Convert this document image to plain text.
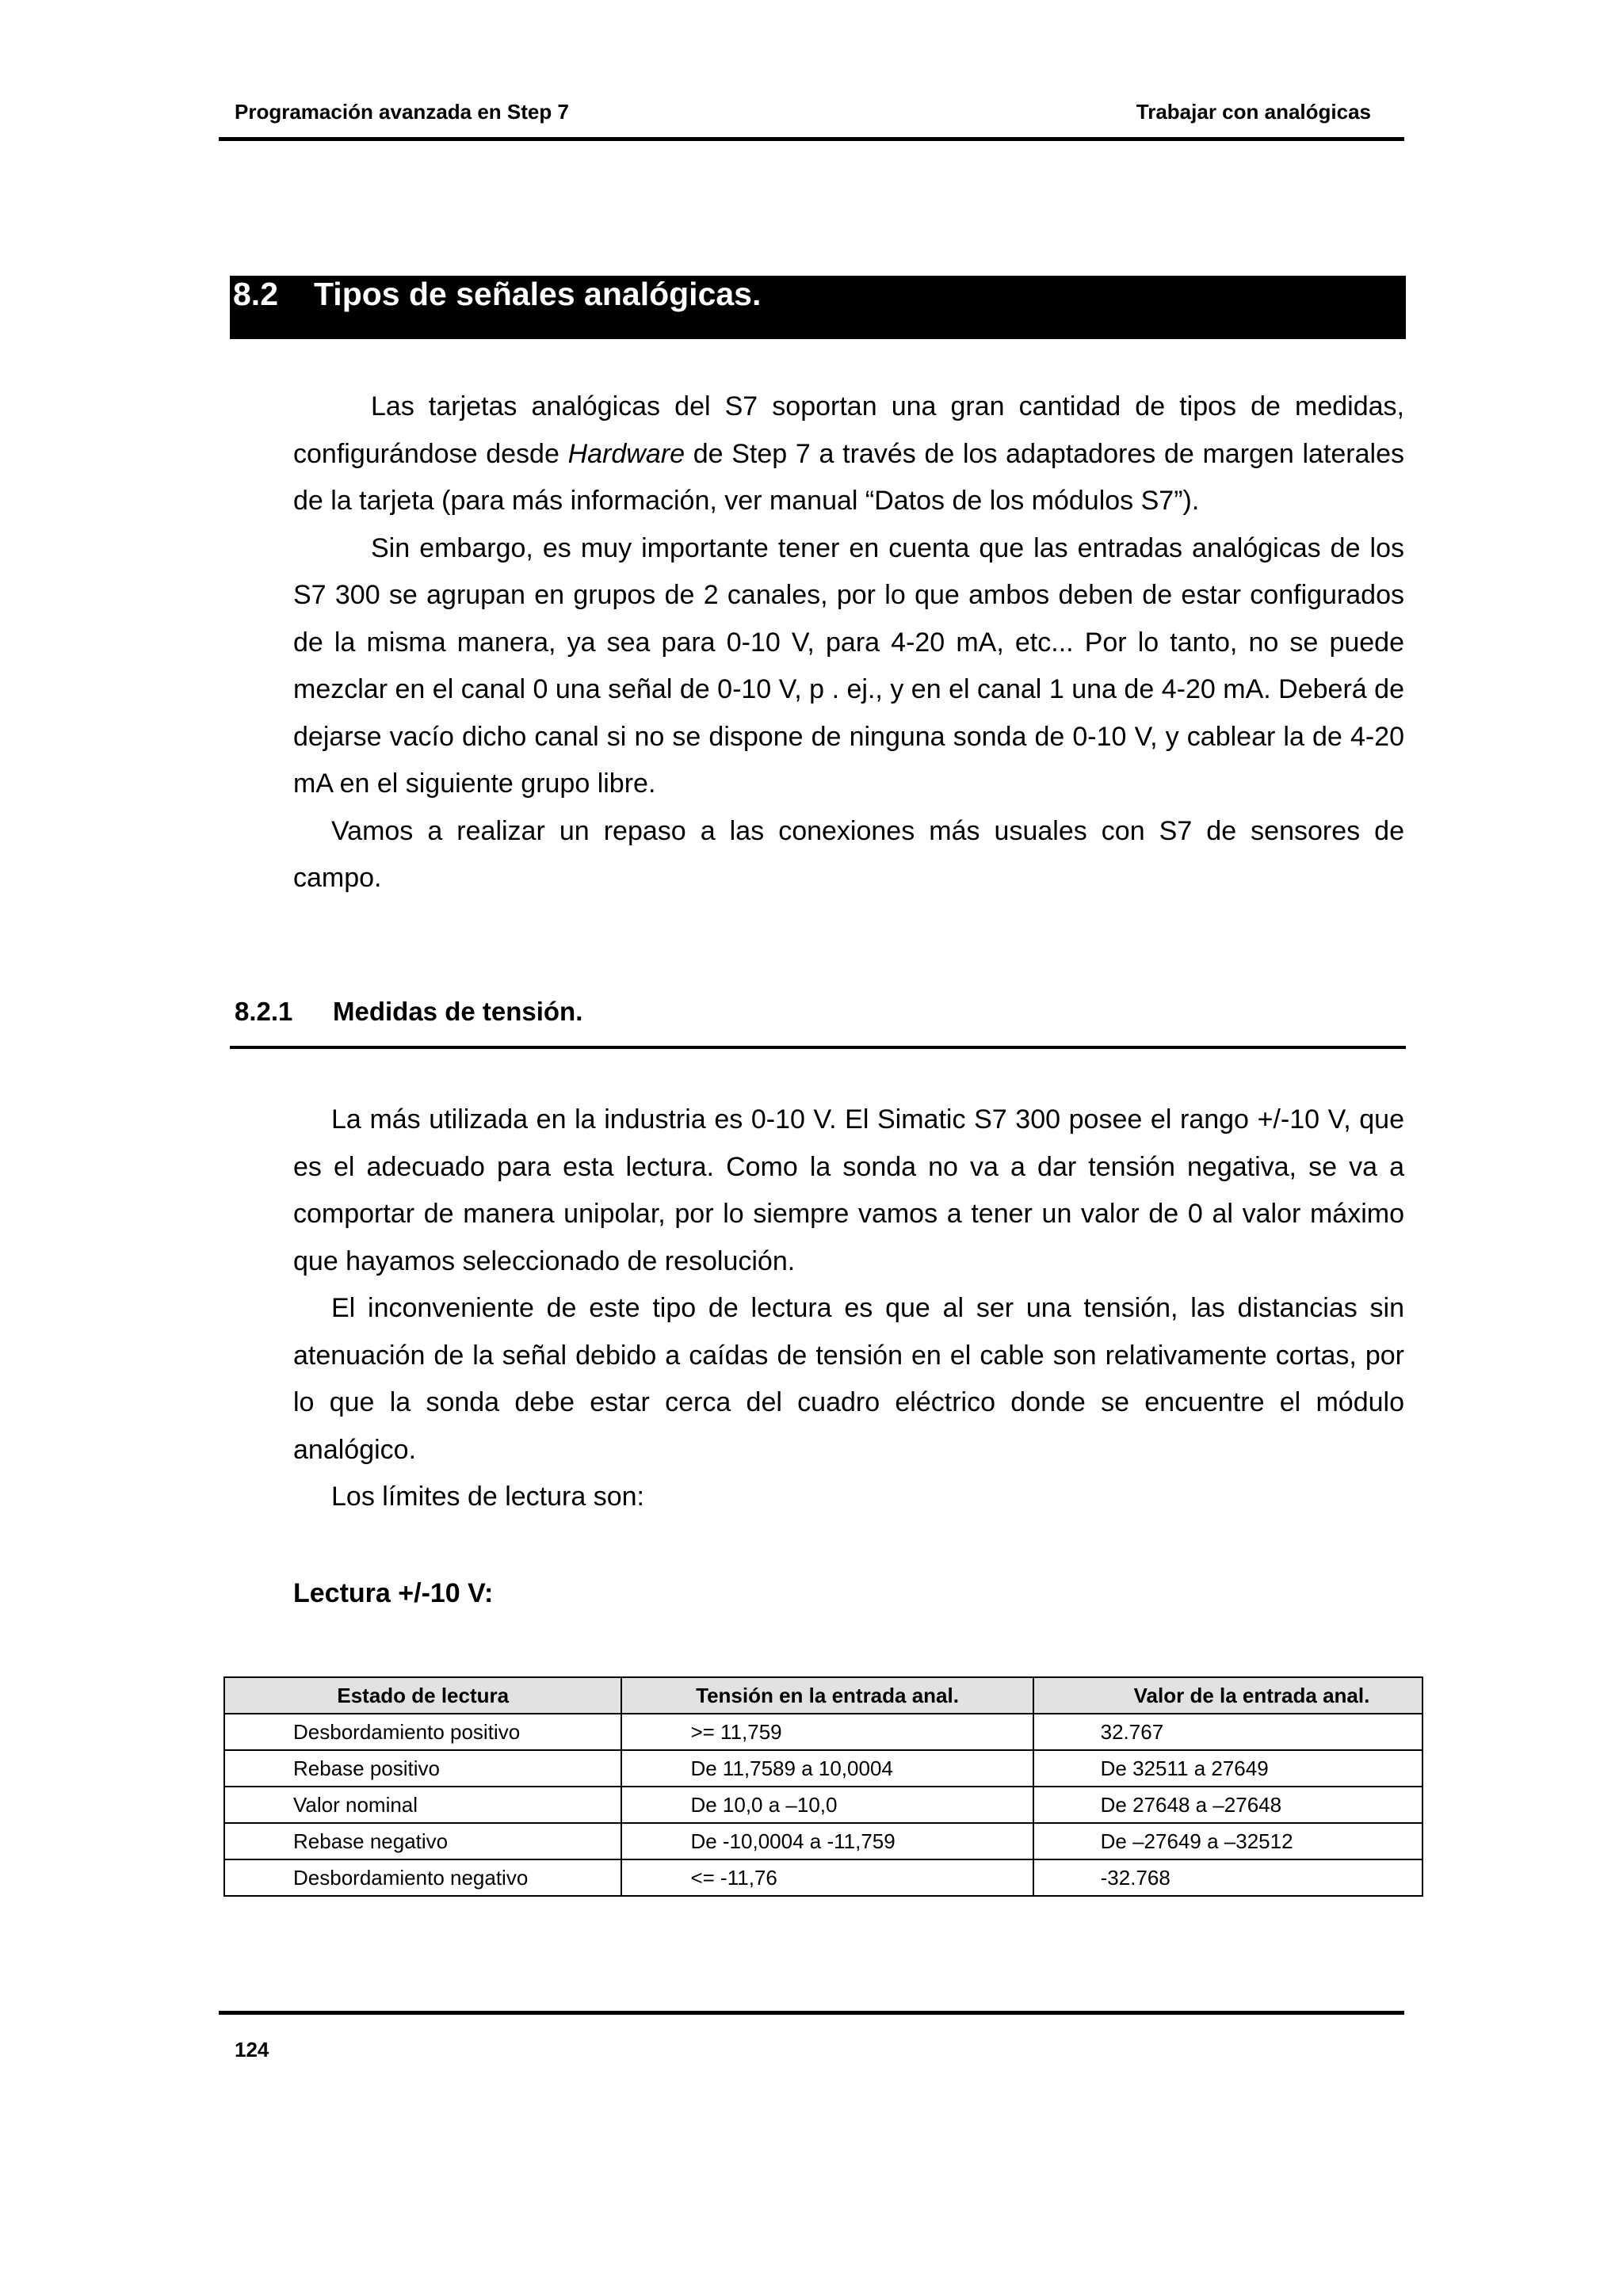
Programación avanzada en Step 7	Trabajar con analógicas
8.2 Tipos de señales analógicas.

Las tarjetas analógicas del S7 soportan una gran cantidad de tipos de medidas, configurándose desde Hardware de Step 7 a través de los adaptadores de margen laterales de la tarjeta (para más información, ver manual “Datos de los módulos S7”).

Sin embargo, es muy importante tener en cuenta que las entradas analógicas de los S7 300 se agrupan en grupos de 2 canales, por lo que ambos deben de estar configurados de la misma manera, ya sea para 0-10 V, para 4-20 mA, etc... Por lo tanto, no se puede mezclar en el canal 0 una señal de 0-10 V, p . ej., y en el canal 1 una de 4-20 mA. Deberá de dejarse vacío dicho canal si no se dispone de ninguna sonda de 0-10 V, y cablear la de 4-20 mA en el siguiente grupo libre.

Vamos a realizar un repaso a las conexiones más usuales con S7 de sensores de campo.

8.2.1 Medidas de tensión.

La más utilizada en la industria es 0-10 V. El Simatic S7 300 posee el rango +/-10 V, que es el adecuado para esta lectura. Como la sonda no va a dar tensión negativa, se va a comportar de manera unipolar, por lo siempre vamos a tener un valor de 0 al valor máximo que hayamos seleccionado de resolución.

El inconveniente de este tipo de lectura es que al ser una tensión, las distancias sin atenuación de la señal debido a caídas de tensión en el cable son relativamente cortas, por lo que la sonda debe estar cerca del cuadro eléctrico donde se encuentre el módulo analógico.

Los límites de lectura son:

Lectura +/-10 V:
Estado de lectura	Tensión en la entrada anal.	Valor de la entrada anal.
Desbordamiento positivo	>= 11,759	32.767
Rebase positivo	De 11,7589 a 10,0004	De 32511 a 27649
Valor nominal	De 10,0 a –10,0	De 27648 a –27648
Rebase negativo	De -10,0004 a -11,759	De –27649 a –32512
Desbordamiento negativo	<= -11,76	-32.768
124
